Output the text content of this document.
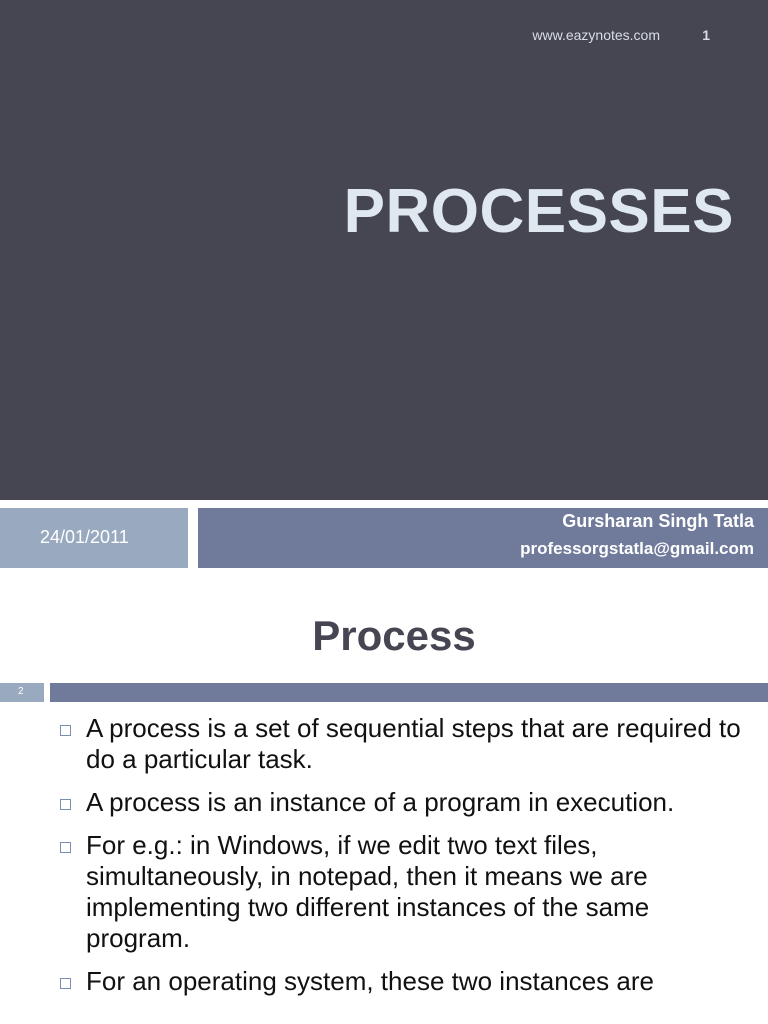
www.eazynotes.com	1
PROCESSES
24/01/2011
Gursharan Singh Tatla
professorgstatla@gmail.com
Process
2
A process is a set of sequential steps that are required to do a particular task.
A process is an instance of a program in execution.
For e.g.: in Windows, if we edit two text files, simultaneously, in notepad, then it means we are implementing two different instances of the same program.
For an operating system, these two instances are
